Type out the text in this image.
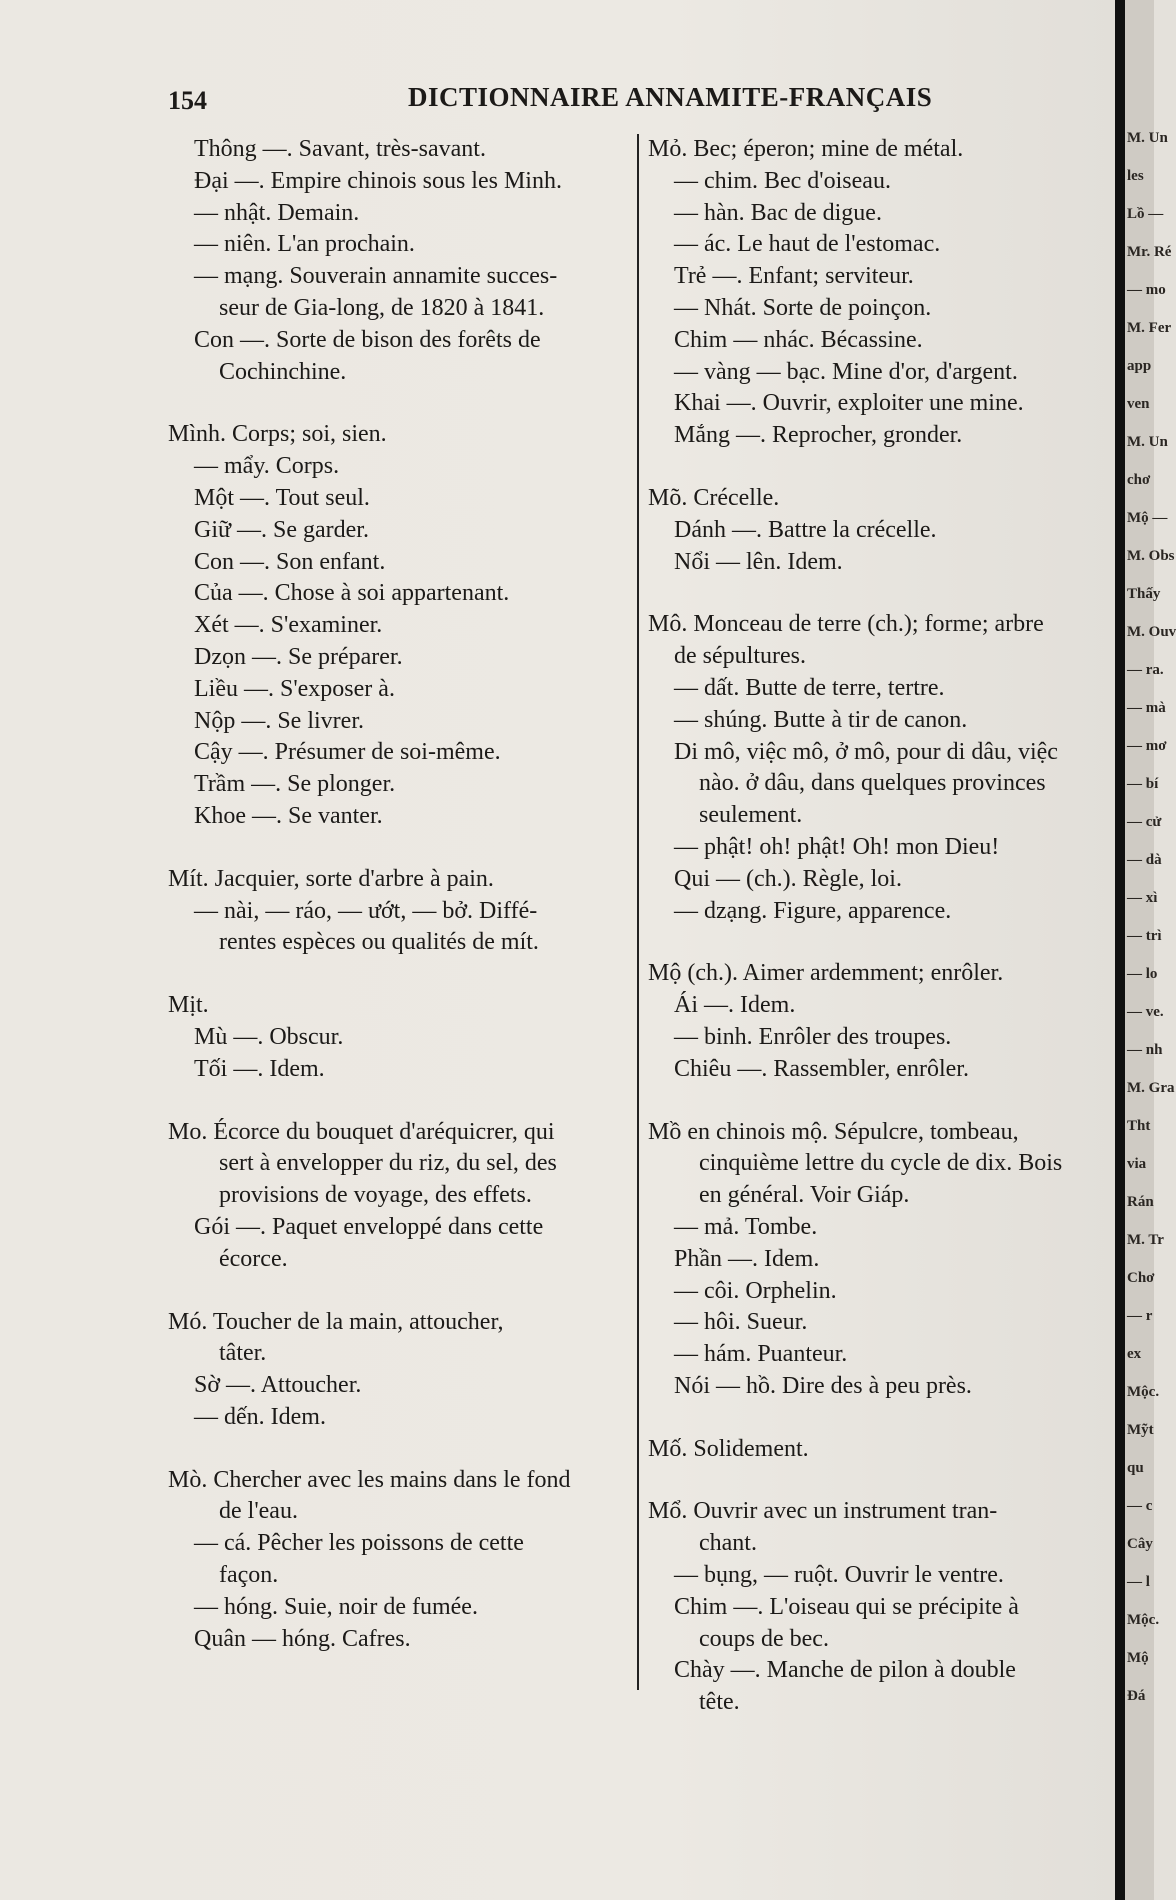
154	DICTIONNAIRE ANNAMITE-FRANÇAIS
Thông —. Savant, très-savant.
Đại —. Empire chinois sous les Minh.
— nhật. Demain.
— niên. L'an prochain.
— mạng. Souverain annamite succes-
seur de Gia-long, de 1820 à 1841.
Con —. Sorte de bison des forêts de
Cochinchine.
Mình. Corps; soi, sien.
— mẩy. Corps.
Một —. Tout seul.
Giữ —. Se garder.
Con —. Son enfant.
Của —. Chose à soi appartenant.
Xét —. S'examiner.
Dzọn —. Se préparer.
Liều —. S'exposer à.
Nộp —. Se livrer.
Cậy —. Présumer de soi-même.
Trầm —. Se plonger.
Khoe —. Se vanter.
Mít. Jacquier, sorte d'arbre à pain.
— nài, — ráo, — ướt, — bở. Diffé-
rentes espèces ou qualités de mít.
Mịt.
Mù —. Obscur.
Tối —. Idem.
Mo. Écorce du bouquet d'aréquicrer, qui
sert à envelopper du riz, du sel, des
provisions de voyage, des effets.
Gói —. Paquet enveloppé dans cette
écorce.
Mó. Toucher de la main, attoucher,
tâter.
Sờ —. Attoucher.
— dến. Idem.
Mò. Chercher avec les mains dans le fond
de l'eau.
— cá. Pêcher les poissons de cette
façon.
— hóng. Suie, noir de fumée.
Quân — hóng. Cafres.
Mỏ. Bec; éperon; mine de métal.
— chim. Bec d'oiseau.
— hàn. Bac de digue.
— ác. Le haut de l'estomac.
Trẻ —. Enfant; serviteur.
— Nhát. Sorte de poinçon.
Chim — nhác. Bécassine.
— vàng — bạc. Mine d'or, d'argent.
Khai —. Ouvrir, exploiter une mine.
Mắng —. Reprocher, gronder.
Mõ. Crécelle.
Dánh —. Battre la crécelle.
Nổi — lên. Idem.
Mô. Monceau de terre (ch.); forme; arbre
de sépultures.
— dất. Butte de terre, tertre.
— shúng. Butte à tir de canon.
Di mô, việc mô, ở mô, pour di dâu, việc
nào. ở dâu, dans quelques provinces
seulement.
— phật! oh! phật! Oh! mon Dieu!
Qui — (ch.). Règle, loi.
— dzạng. Figure, apparence.
Mộ (ch.). Aimer ardemment; enrôler.
Ái —. Idem.
— binh. Enrôler des troupes.
Chiêu —. Rassembler, enrôler.
Mồ en chinois mộ. Sépulcre, tombeau,
cinquième lettre du cycle de dix. Bois
en général. Voir Giáp.
— mả. Tombe.
Phần —. Idem.
— côi. Orphelin.
— hôi. Sueur.
— hám. Puanteur.
Nói — hồ. Dire des à peu près.
Mố. Solidement.
Mổ. Ouvrir avec un instrument tran-
chant.
— bụng, — ruột. Ouvrir le ventre.
Chim —. L'oiseau qui se précipite à
coups de bec.
Chày —. Manche de pilon à double
tête.
M. Un
les
Lồ —
Mr. Ré
— mo
M. Fer
app
ven
M. Un
chơ
Mộ —
M. Obs
Thấy
M. Ouv
— ra.
— mà
— mơ
— bí
— cử
— dà
— xì
— trì
— lo
— ve.
— nh
M. Gra
Tht
via
Rán
M. Tr
Chơ
— r
ex
Mộc.
Mỹt
qu
— c
Cây
— l
Mộc.
Mộ
Đá
